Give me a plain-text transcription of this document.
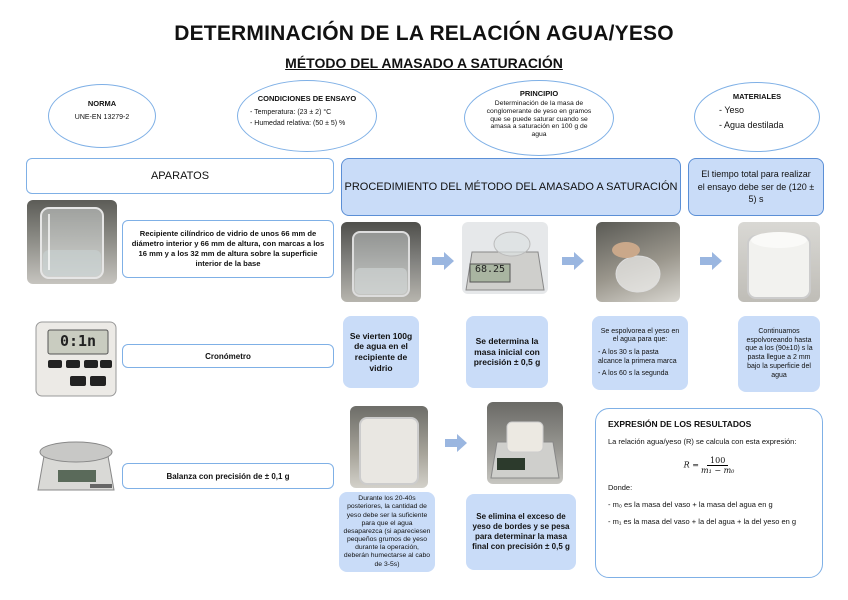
DETERMINACIÓN DE LA RELACIÓN AGUA/YESO
MÉTODO DEL AMASADO A SATURACIÓN
NORMA
UNE-EN 13279-2
CONDICIONES DE ENSAYO
- Temperatura: (23 ± 2) °C
- Humedad relativa: (50 ± 5) %
PRINCIPIO
Determinación de la masa de conglomerante de yeso en gramos que se puede saturar cuando se amasa a saturación en 100 g de agua
MATERIALES
- Yeso
- Agua destilada
APARATOS
PROCEDIMIENTO DEL MÉTODO DEL AMASADO A SATURACIÓN
El tiempo total para realizar el ensayo debe ser de (120 ± 5) s
Recipiente cilíndrico de vidrio de unos 66 mm de diámetro interior y 66 mm de altura, con marcas a los 16 mm y a los 32 mm de altura sobre la superficie interior de la base
0:1n
Cronómetro
Balanza con precisión de ± 0,1 g
68.25
Se vierten 100g de agua en el recipiente de vidrio
Se determina la masa inicial con precisión ± 0,5 g
Se espolvorea el yeso en el agua para que:
- A los 30 s la pasta alcance la primera marca
- A los 60 s la segunda
Continuamos espolvoreando hasta que a los (90±10) s la pasta llegue a 2 mm bajo la superficie del agua
Durante los 20-40s posteriores, la cantidad de yeso debe ser la suficiente para que el agua desaparezca (si apareciesen pequeños grumos de yeso durante la operación, deberán humectarse al cabo de 3-5s)
Se elimina el exceso de yeso de bordes y se pesa para determinar la masa final con precisión ± 0,5 g

EXPRESIÓN DE LOS RESULTADOS

La relación agua/yeso (R) se calcula con esta expresión:

$R = \frac{100}{\text{m₁ − m₀}}$

Donde:

- m₀ es la masa del vaso + la masa del agua en g

- m₁ es la masa del vaso + la del agua + la del yeso en g
